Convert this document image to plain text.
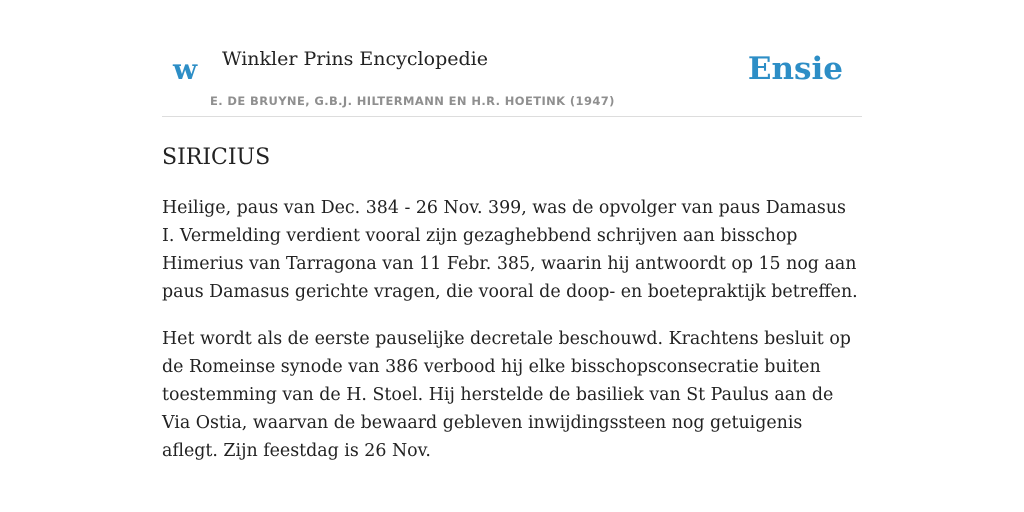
w Winkler Prins Encyclopedie
E. DE BRUYNE, G.B.J. HILTERMANN EN H.R. HOETINK (1947)
Ensie
SIRICIUS

Heilige, paus van Dec. 384 - 26 Nov. 399, was de opvolger van paus Damasus I. Vermelding verdient vooral zijn gezaghebbend schrijven aan bisschop Himerius van Tarragona van 11 Febr. 385, waarin hij antwoordt op 15 nog aan paus Damasus gerichte vragen, die vooral de doop- en boetepraktijk betreffen.

Het wordt als de eerste pauselijke decretale beschouwd. Krachtens besluit op de Romeinse synode van 386 verbood hij elke bisschopsconsecratie buiten toestemming van de H. Stoel. Hij herstelde de basiliek van St Paulus aan de Via Ostia, waarvan de bewaard gebleven inwijdingssteen nog getuigenis aflegt. Zijn feestdag is 26 Nov.
